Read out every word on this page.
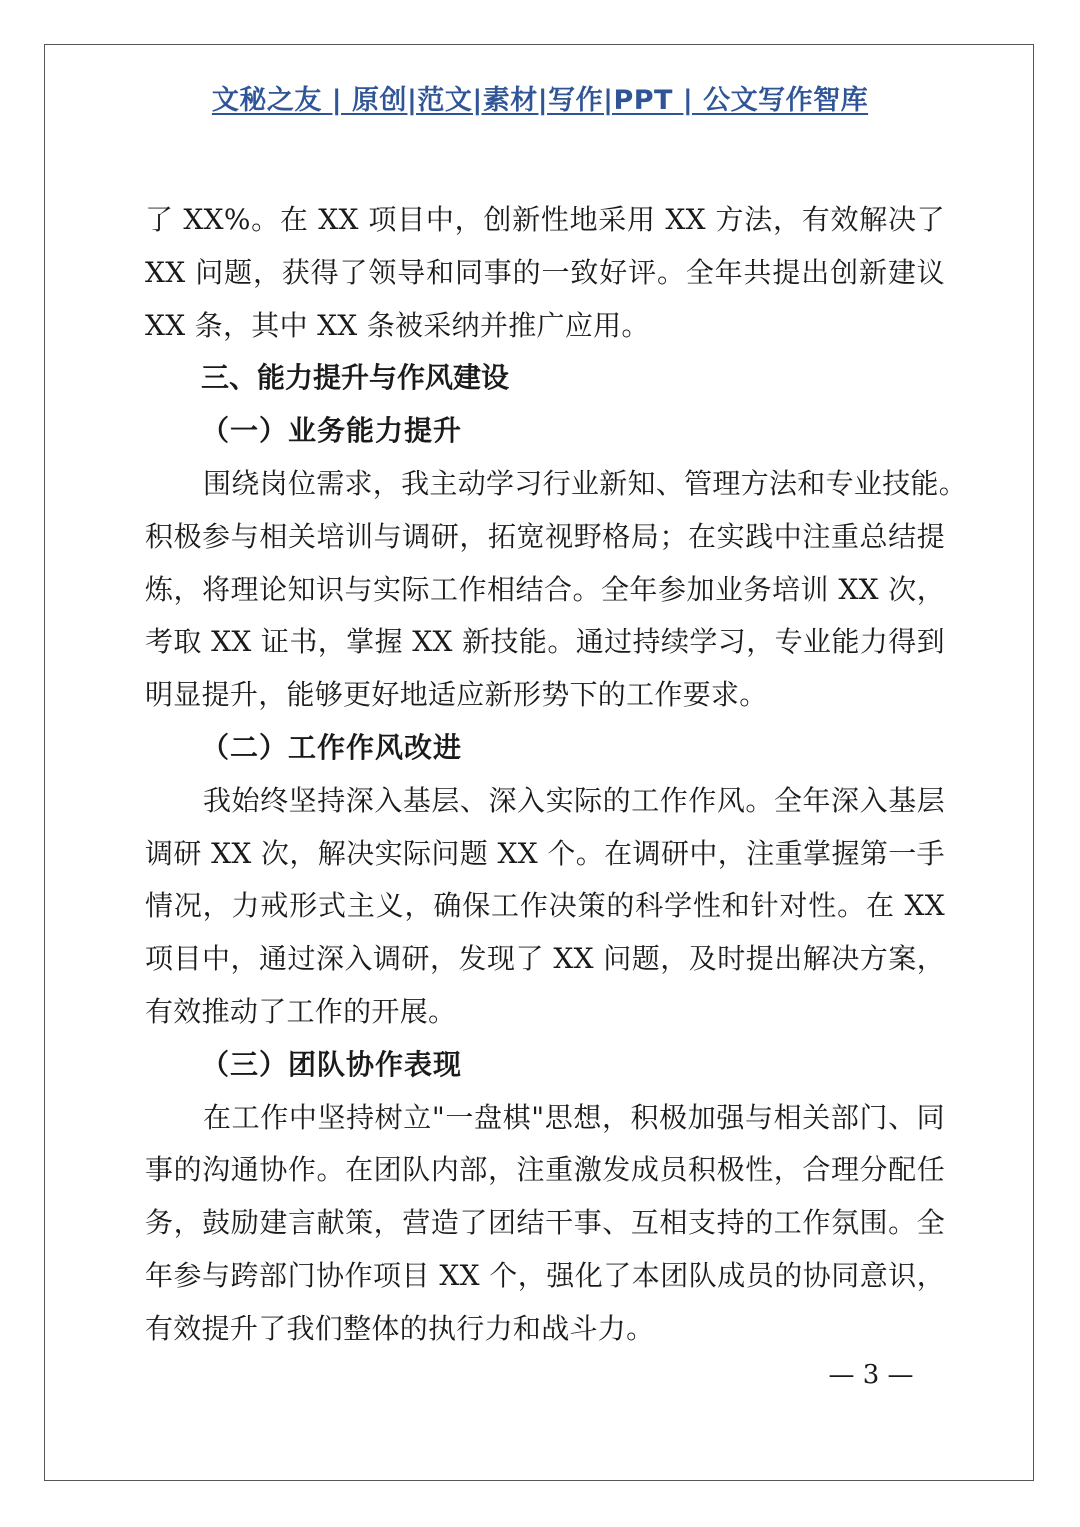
文秘之友 | 原创|范文|素材|写作|PPT | 公文写作智库
了 XX%。在 XX 项目中，创新性地采用 XX 方法，有效解决了
XX 问题，获得了领导和同事的一致好评。全年共提出创新建议
XX 条，其中 XX 条被采纳并推广应用。
三、能力提升与作风建设
（一）业务能力提升
围绕岗位需求，我主动学习行业新知、管理方法和专业技能。
积极参与相关培训与调研，拓宽视野格局；在实践中注重总结提
炼，将理论知识与实际工作相结合。全年参加业务培训 XX 次，
考取 XX 证书，掌握 XX 新技能。通过持续学习，专业能力得到
明显提升，能够更好地适应新形势下的工作要求。
（二）工作作风改进
我始终坚持深入基层、深入实际的工作作风。全年深入基层
调研 XX 次，解决实际问题 XX 个。在调研中，注重掌握第一手
情况，力戒形式主义，确保工作决策的科学性和针对性。在 XX
项目中，通过深入调研，发现了 XX 问题，及时提出解决方案，
有效推动了工作的开展。
（三）团队协作表现
在工作中坚持树立"一盘棋"思想，积极加强与相关部门、同
事的沟通协作。在团队内部，注重激发成员积极性，合理分配任
务，鼓励建言献策，营造了团结干事、互相支持的工作氛围。全
年参与跨部门协作项目 XX 个，强化了本团队成员的协同意识，
有效提升了我们整体的执行力和战斗力。
— 3 —
